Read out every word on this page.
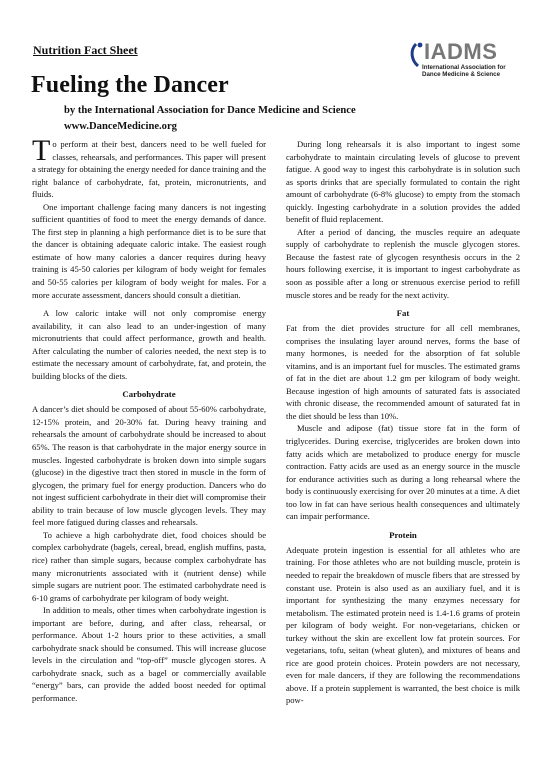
Nutrition Fact Sheet

Fueling the Dancer
by the International Association for Dance Medicine and Science
www.DanceMedicine.org
IADMS
International Association for
Dance Medicine & Science

To perform at their best, dancers need to be well fueled for classes, rehearsals, and performances. This paper will present a strategy for obtaining the energy needed for dance training and the right balance of carbohydrate, fat, protein, micronutrients, and fluids.

One important challenge facing many dancers is not ingesting sufficient quantities of food to meet the energy demands of dance. The first step in planning a high performance diet is to be sure that the dancer is obtaining adequate caloric intake. The easiest rough estimate of how many calories a dancer requires during heavy training is 45-50 calories per kilogram of body weight for females and 50-55 calories per kilogram of body weight for males. For a more accurate assessment, dancers should consult a dietitian.

A low caloric intake will not only compromise energy availability, it can also lead to an under-ingestion of many micronutrients that could affect performance, growth and health. After calculating the number of calories needed, the next step is to estimate the necessary amount of carbohydrate, fat, and protein, the building blocks of the diets.

Carbohydrate

A dancer’s diet should be composed of about 55-60% carbohydrate, 12-15% protein, and 20-30% fat. During heavy training and rehearsals the amount of carbohydrate should be increased to about 65%. The reason is that carbohydrate in the major energy source in muscles. Ingested carbohydrate is broken down into simple sugars (glucose) in the digestive tract then stored in muscle in the form of glycogen, the primary fuel for energy production. Dancers who do not ingest sufficient carbohydrate in their diet will compromise their ability to train because of low muscle glycogen levels. They may feel more fatigued during classes and rehearsals.

To achieve a high carbohydrate diet, food choices should be complex carbohydrate (bagels, cereal, bread, english muffins, pasta, rice) rather than simple sugars, because complex carbohydrate has many micronutrients associated with it (nutrient dense) while simple sugars are nutrient poor. The estimated carbohydrate need is 6-10 grams of carbohydrate per kilogram of body weight.

In addition to meals, other times when carbohydrate ingestion is important are before, during, and after class, rehearsal, or performance. About 1-2 hours prior to these activities, a small carbohydrate snack should be consumed. This will increase glucose levels in the circulation and “top-off” muscle glycogen stores. A carbohydrate snack, such as a bagel or commercially available “energy” bars, can provide the added boost needed for optimal performance.

During long rehearsals it is also important to ingest some carbohydrate to maintain circulating levels of glucose to prevent fatigue. A good way to ingest this carbohydrate is in solution such as sports drinks that are specially formulated to contain the right amount of carbohydrate (6-8% glucose) to empty from the stomach quickly. Ingesting carbohydrate in a solution provides the added benefit of fluid replacement.

After a period of dancing, the muscles require an adequate supply of carbohydrate to replenish the muscle glycogen stores. Because the fastest rate of glycogen resynthesis occurs in the 2 hours following exercise, it is important to ingest carbohydrate as soon as possible after a long or strenuous exercise period to refill muscle stores and be ready for the next activity.

Fat

Fat from the diet provides structure for all cell membranes, comprises the insulating layer around nerves, forms the base of many hormones, is needed for the absorption of fat soluble vitamins, and is an important fuel for muscles. The estimated grams of fat in the diet are about 1.2 gm per kilogram of body weight. Because ingestion of high amounts of saturated fats is associated with chronic disease, the recommended amount of saturated fat in the diet should be less than 10%.

Muscle and adipose (fat) tissue store fat in the form of triglycerides. During exercise, triglycerides are broken down into fatty acids which are metabolized to produce energy for muscle contraction. Fatty acids are used as an energy source in the muscle for endurance activities such as during a long rehearsal where the body is continuously exercising for over 20 minutes at a time. A diet too low in fat can have serious health consequences and ultimately can impair performance.

Protein

Adequate protein ingestion is essential for all athletes who are training. For those athletes who are not building muscle, protein is needed to repair the breakdown of muscle fibers that are stressed by constant use. Protein is also used as an auxiliary fuel, and it is important for synthesizing the many enzymes necessary for metabolism. The estimated protein need is 1.4-1.6 grams of protein per kilogram of body weight. For non-vegetarians, chicken or turkey without the skin are excellent low fat protein sources. For vegetarians, tofu, seitan (wheat gluten), and mixtures of beans and rice are good protein choices. Protein powders are not necessary, even for male dancers, if they are following the recommendations above. If a protein supplement is warranted, the best choice is milk pow-
